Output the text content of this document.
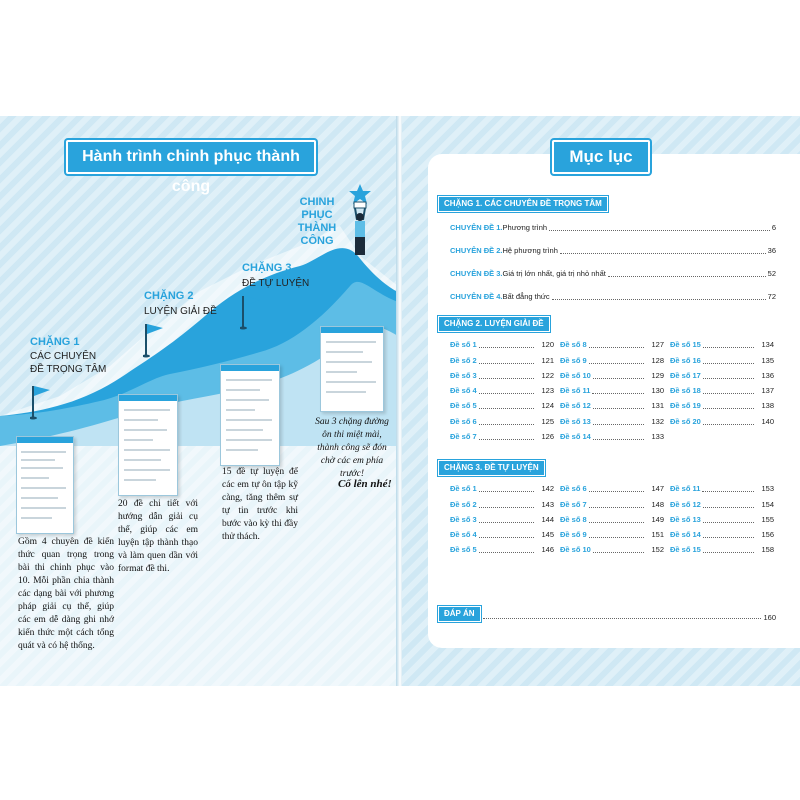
Hành trình chinh phục thành công
CHINH PHỤC THÀNH CÔNG
CHẶNG 3
ĐỀ TỰ LUYỆN
CHẶNG 2
LUYỆN GIẢI ĐỀ
CHẶNG 1
CÁC CHUYÊN ĐỀ TRỌNG TÂM
Gồm 4 chuyên đề kiến thức quan trọng trong bài thi chinh phục vào 10. Mỗi phần chia thành các dạng bài với phương pháp giải cụ thể, giúp các em dễ dàng ghi nhớ kiến thức một cách tổng quát và có hệ thống.
20 đề chi tiết với hướng dẫn giải cụ thể, giúp các em luyện tập thành thạo và làm quen dần với format đề thi.
15 đề tự luyện để các em tự ôn tập kỹ càng, tăng thêm sự tự tin trước khi bước vào kỳ thi đầy thử thách.
Sau 3 chặng đường ôn thi miệt mài, thành công sẽ đón chờ các em phía trước!
Cố lên nhé!
CHẶNG 1. CÁC CHUYÊN ĐỀ TRỌNG TÂM
CHUYÊN ĐỀ 1. Phương trình	6
CHUYÊN ĐỀ 2. Hệ phương trình	36
CHUYÊN ĐỀ 3. Giá trị lớn nhất, giá trị nhỏ nhất	52
CHUYÊN ĐỀ 4. Bất đẳng thức	72
CHẶNG 2. LUYỆN GIẢI ĐỀ
Đề số 1	120
Đề số 2	121
Đề số 3	122
Đề số 4	123
Đề số 5	124
Đề số 6	125
Đề số 7	126
Đề số 8	127
Đề số 9	128
Đề số 10	129
Đề số 11	130
Đề số 12	131
Đề số 13	132
Đề số 14	133
Đề số 15	134
Đề số 16	135
Đề số 17	136
Đề số 18	137
Đề số 19	138
Đề số 20	140
CHẶNG 3. ĐỀ TỰ LUYỆN
Đề số 1	142
Đề số 2	143
Đề số 3	144
Đề số 4	145
Đề số 5	146
Đề số 6	147
Đề số 7	148
Đề số 8	149
Đề số 9	151
Đề số 10	152
Đề số 11	153
Đề số 12	154
Đề số 13	155
Đề số 14	156
Đề số 15	158
ĐÁP ÁN	160
Mục lục
